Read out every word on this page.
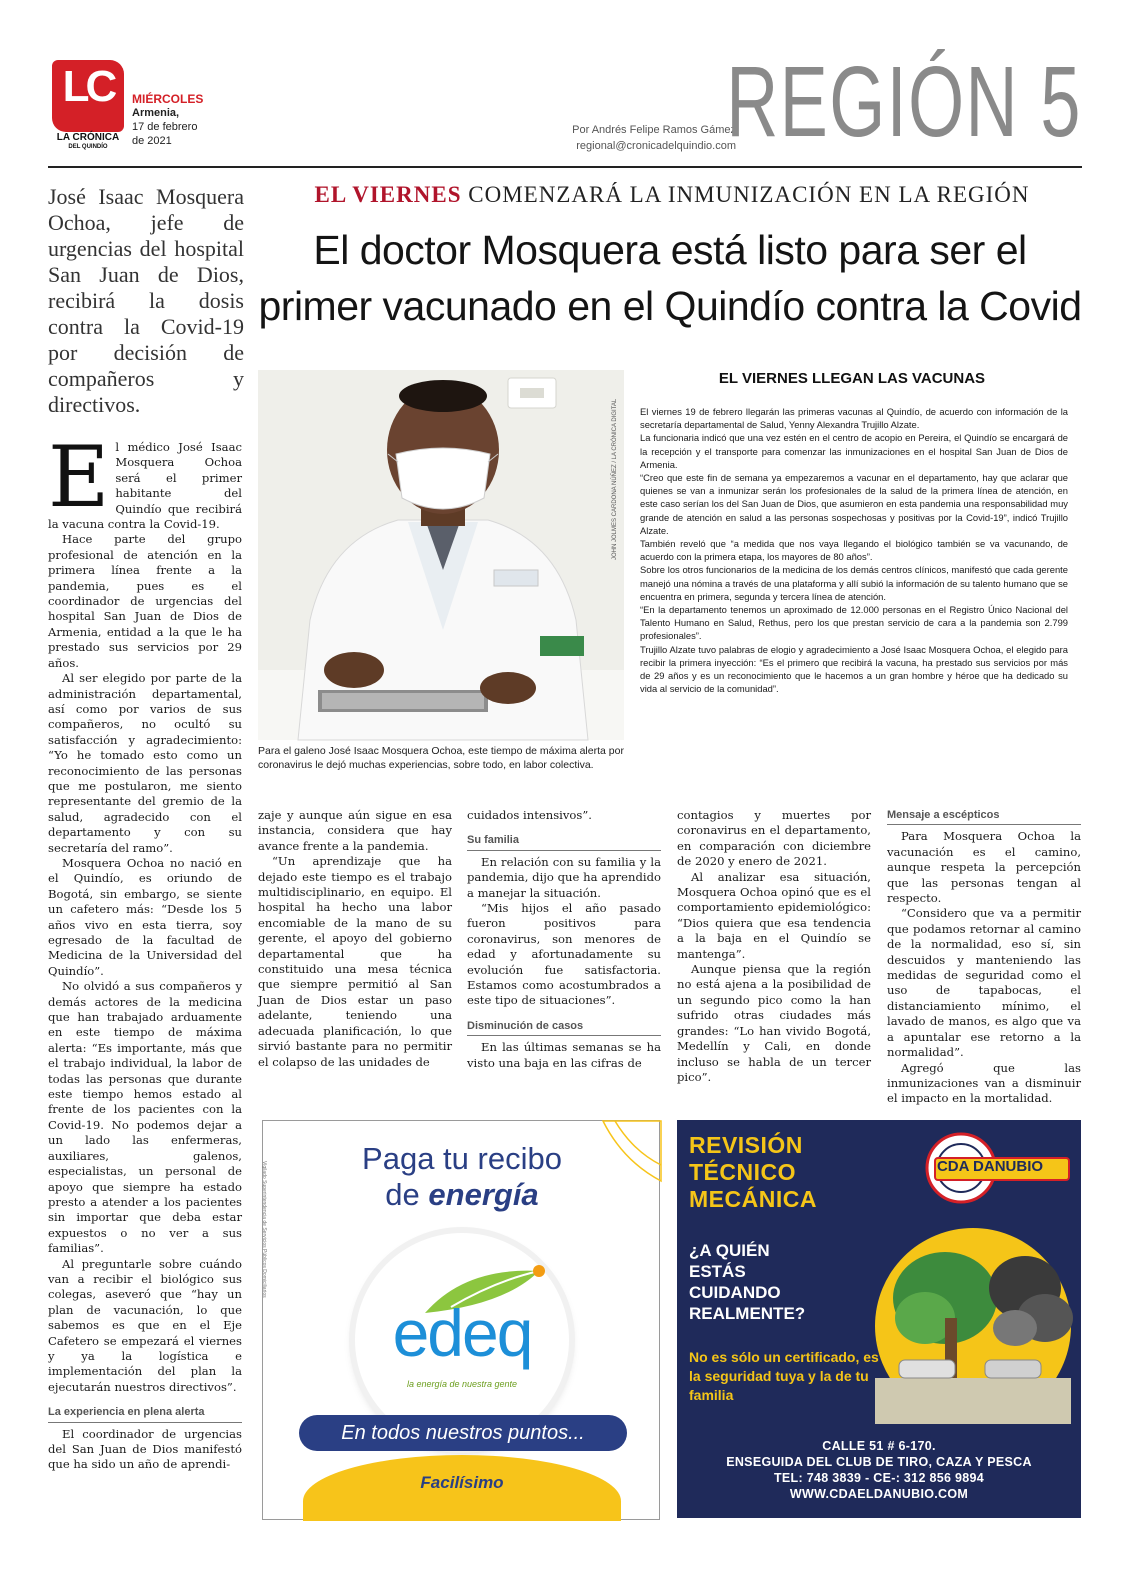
LC
LA CRÓNICA
DEL QUINDÍO
MIÉRCOLES
Armenia,
17 de febrero
de 2021
Por Andrés Felipe Ramos Gámez
regional@cronicadelquindio.com
REGIÓN 5
José Isaac Mosquera Ochoa, jefe de urgencias del hospital San Juan de Dios, recibirá la dosis contra la Covid-19 por decisión de compañeros y directivos.
EL VIERNES COMENZARÁ LA INMUNIZACIÓN EN LA REGIÓN
El doctor Mosquera está listo para ser el
primer vacunado en el Quindío contra la Covid
JOHN JOLMES CARDONA NÚÑEZ / LA CRÓNICA DIGITAL
Para el galeno José Isaac Mosquera Ochoa, este tiempo de máxima alerta por coronavirus le dejó muchas experiencias, sobre todo, en labor colectiva.
EL VIERNES LLEGAN LAS VACUNAS

El viernes 19 de febrero llegarán las primeras vacunas al Quindío, de acuerdo con información de la secretaría departamental de Salud, Yenny Alexandra Trujillo Alzate.

La funcionaria indicó que una vez estén en el centro de acopio en Pereira, el Quindío se encargará de la recepción y el transporte para comenzar las inmunizaciones en el hospital San Juan de Dios de Armenia.

“Creo que este fin de semana ya empezaremos a vacunar en el departamento, hay que aclarar que quienes se van a inmunizar serán los profesionales de la salud de la primera línea de atención, en este caso serían los del San Juan de Dios, que asumieron en esta pandemia una responsabilidad muy grande de atención en salud a las personas sospechosas y positivas por la Covid-19”, indicó Trujillo Alzate.

También reveló que “a medida que nos vaya llegando el biológico también se va vacunando, de acuerdo con la primera etapa, los mayores de 80 años”.

Sobre los otros funcionarios de la medicina de los demás centros clínicos, manifestó que cada gerente manejó una nómina a través de una plataforma y allí subió la información de su talento humano que se encuentra en primera, segunda y tercera línea de atención.

“En la departamento tenemos un aproximado de 12.000 personas en el Registro Único Nacional del Talento Humano en Salud, Rethus, pero los que prestan servicio de cara a la pandemia son 2.799 profesionales”.

Trujillo Alzate tuvo palabras de elogio y agradecimiento a José Isaac Mosquera Ochoa, el elegido para recibir la primera inyección: “Es el primero que recibirá la vacuna, ha prestado sus servicios por más de 29 años y es un reconocimiento que le hacemos a un gran hombre y héroe que ha dedicado su vida al servicio de la comunidad”.

El médico José Isaac Mosquera Ochoa será el primer habitante del Quindío que recibirá la vacuna contra la Covid-19.

Hace parte del grupo profesional de atención en la primera línea frente a la pandemia, pues es el coordinador de urgencias del hospital San Juan de Dios de Armenia, entidad a la que le ha prestado sus servicios por 29 años.

Al ser elegido por parte de la administración departamental, así como por varios de sus compañeros, no ocultó su satisfacción y agradecimiento: “Yo he tomado esto como un reconocimiento de las personas que me postularon, me siento representante del gremio de la salud, agradecido con el departamento y con su secretaría del ramo”.

Mosquera Ochoa no nació en el Quindío, es oriundo de Bogotá, sin embargo, se siente un cafetero más: “Desde los 5 años vivo en esta tierra, soy egresado de la facultad de Medicina de la Universidad del Quindío”.

No olvidó a sus compañeros y demás actores de la medicina que han trabajado arduamente en este tiempo de máxima alerta: “Es importante, más que el trabajo individual, la labor de todas las personas que durante este tiempo hemos estado al frente de los pacientes con la Covid-19. No podemos dejar a un lado las enfermeras, auxiliares, galenos, especialistas, un personal de apoyo que siempre ha estado presto a atender a los pacientes sin importar que deba estar expuestos o no ver a sus familias”.

Al preguntarle sobre cuándo van a recibir el biológico sus colegas, aseveró que “hay un plan de vacunación, lo que sabemos es que en el Eje Cafetero se empezará el viernes y ya la logística e implementación del plan la ejecutarán nuestros directivos”.

La experiencia en plena alerta

El coordinador de urgencias del San Juan de Dios manifestó que ha sido un año de aprendi-

zaje y aunque aún sigue en esa instancia, considera que hay avance frente a la pandemia.

“Un aprendizaje que ha dejado este tiempo es el trabajo multidisciplinario, en equipo. El hospital ha hecho una labor encomiable de la mano de su gerente, el apoyo del gobierno departamental que ha constituido una mesa técnica que siempre permitió al San Juan de Dios estar un paso adelante, teniendo una adecuada planificación, lo que sirvió bastante para no permitir el colapso de las unidades de

cuidados intensivos”.

Su familia

En relación con su familia y la pandemia, dijo que ha aprendido a manejar la situación.

“Mis hijos el año pasado fueron positivos para coronavirus, son menores de edad y afortunadamente su evolución fue satisfactoria. Estamos como acostumbrados a este tipo de situaciones”.

Disminución de casos

En las últimas semanas se ha visto una baja en las cifras de

contagios y muertes por coronavirus en el departamento, en comparación con diciembre de 2020 y enero de 2021.

Al analizar esa situación, Mosquera Ochoa opinó que es el comportamiento epidemiológico: “Dios quiera que esa tendencia a la baja en el Quindío se mantenga”.

Aunque piensa que la región no está ajena a la posibilidad de un segundo pico como la han sufrido otras ciudades más grandes: “Lo han vivido Bogotá, Medellín y Cali, en donde incluso se habla de un tercer pico”.

Mensaje a escépticos

Para Mosquera Ochoa la vacunación es el camino, aunque respeta la percepción que las personas tengan al respecto.

“Considero que va a permitir que podamos retornar al camino de la normalidad, eso sí, sin descuidos y manteniendo las medidas de seguridad como el uso de tapabocas, el distanciamiento mínimo, el lavado de manos, es algo que va a apuntalar ese retorno a la normalidad”.

Agregó que las inmunizaciones van a disminuir el impacto en la mortalidad.

Vigilado Superintendencia de Servicios Públicos Domiciliarios
Paga tu recibo
de energía
edeq
la energía de nuestra gente
En todos nuestros puntos...
Facilísimo
REVISIÓN
TÉCNICO
MECÁNICA
¿A QUIÉN
ESTÁS
CUIDANDO
REALMENTE?
No es sólo un certificado, es la seguridad tuya y la de tu familia
CDA DANUBIO
CALLE 51 # 6-170.
ENSEGUIDA DEL CLUB DE TIRO, CAZA Y PESCA
TEL: 748 3839 - CE-: 312 856 9894
WWW.CDAELDANUBIO.COM
